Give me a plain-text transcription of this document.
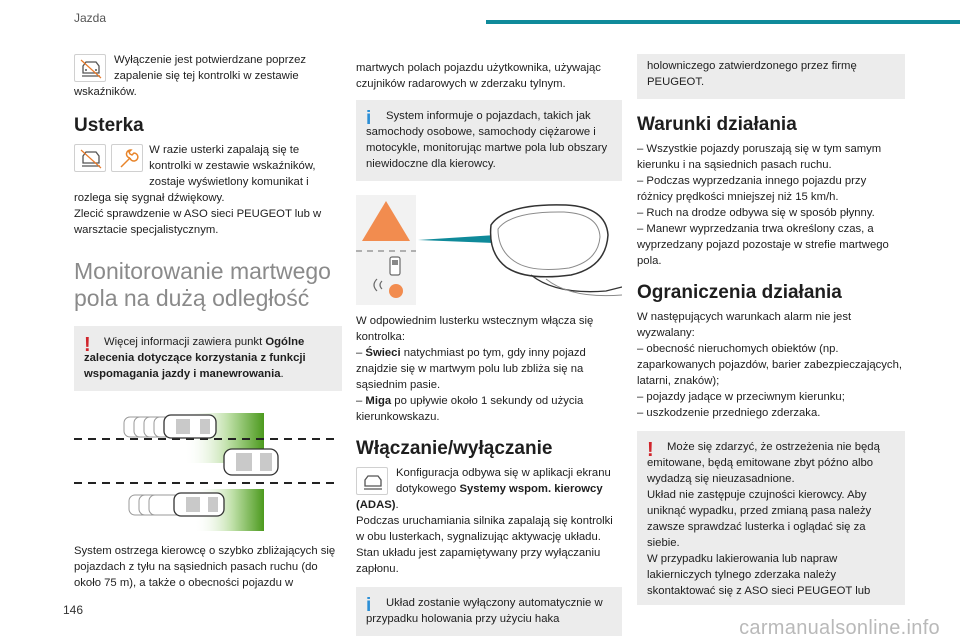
Jazda
Wyłączenie jest potwierdzane poprzez zapalenie się tej kontrolki w zestawie wskaźników.
Usterka

W razie usterki zapalają się te kontrolki w zestawie wskaźników, zostaje wyświetlony komunikat i rozlega się sygnał dźwiękowy.
Zlecić sprawdzenie w ASO sieci PEUGEOT lub w warsztacie specjalistycznym.
Monitorowanie martwego
pola na dużą odległość
!	Więcej informacji zawiera punkt Ogólne zalecenia dotyczące korzystania z funkcji wspomagania jazdy i manewrowania.
System ostrzega kierowcę o szybko zbliżających się pojazdach z tyłu na sąsiednich pasach ruchu (do około 75 m), a także o obecności pojazdu w
martwych polach pojazdu użytkownika, używając czujników radarowych w zderzaku tylnym.
i	System informuje o pojazdach, takich jak samochody osobowe, samochody ciężarowe i motocykle, monitorując martwe pola lub obszary niewidoczne dla kierowcy.
W odpowiednim lusterku wstecznym włącza się kontrolka:
– Świeci natychmiast po tym, gdy inny pojazd znajdzie się w martwym polu lub zbliża się na sąsiednim pasie.
– Miga po upływie około 1 sekundy od użycia kierunkowskazu.
Włączanie/wyłączanie
Konfiguracja odbywa się w aplikacji ekranu dotykowego Systemy wspom. kierowcy (ADAS).
Podczas uruchamiania silnika zapalają się kontrolki w obu lusterkach, sygnalizując aktywację układu. Stan układu jest zapamiętywany przy wyłączaniu zapłonu.
i	Układ zostanie wyłączony automatycznie w przypadku holowania przy użyciu haka
holowniczego zatwierdzonego przez firmę PEUGEOT.
Warunki działania
– Wszystkie pojazdy poruszają się w tym samym kierunku i na sąsiednich pasach ruchu.
– Podczas wyprzedzania innego pojazdu przy różnicy prędkości mniejszej niż 15 km/h.
– Ruch na drodze odbywa się w sposób płynny.
– Manewr wyprzedzania trwa określony czas, a wyprzedzany pojazd pozostaje w strefie martwego pola.
Ograniczenia działania
W następujących warunkach alarm nie jest wyzwalany:
– obecność nieruchomych obiektów (np. zaparkowanych pojazdów, barier zabezpieczających, latarni, znaków);
– pojazdy jadące w przeciwnym kierunku;
– uszkodzenie przedniego zderzaka.
!	Może się zdarzyć, że ostrzeżenia nie będą emitowane, będą emitowane zbyt późno albo wydadzą się nieuzasadnione.
Układ nie zastępuje czujności kierowcy. Aby uniknąć wypadku, przed zmianą pasa należy zawsze sprawdzać lusterka i oglądać się za siebie.
W przypadku lakierowania lub napraw lakierniczych tylnego zderzaka należy skontaktować się z ASO sieci PEUGEOT lub
146
carmanualsonline.info
